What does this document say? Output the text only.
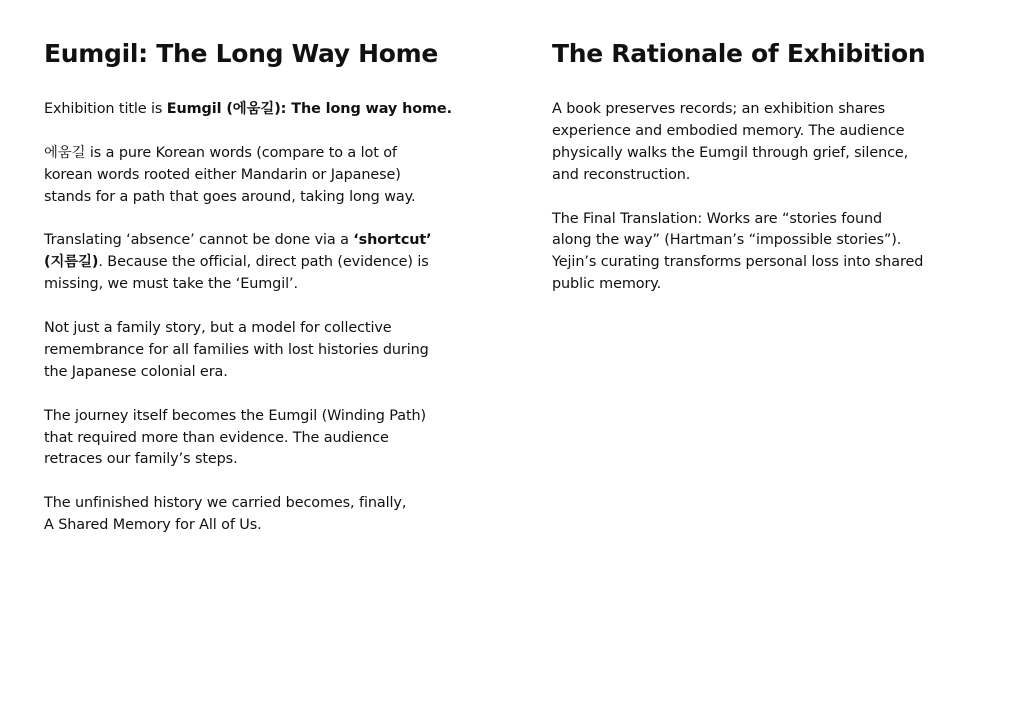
Eumgil: The Long Way Home

Exhibition title is Eumgil (에움길): The long way home.

에움길 is a pure Korean words (compare to a lot of
korean words rooted either Mandarin or Japanese)
stands for a path that goes around, taking long way.

Translating ‘absence’ cannot be done via a ‘shortcut’
(지름길). Because the official, direct path (evidence) is
missing, we must take the ‘Eumgil’.

Not just a family story, but a model for collective
remembrance for all families with lost histories during
the Japanese colonial era.

The journey itself becomes the Eumgil (Winding Path)
that required more than evidence. The audience
retraces our family’s steps.

The unfinished history we carried becomes, finally,
A Shared Memory for All of Us.

The Rationale of Exhibition

A book preserves records; an exhibition shares
experience and embodied memory. The audience
physically walks the Eumgil through grief, silence,
and reconstruction.

The Final Translation: Works are “stories found
along the way” (Hartman’s “impossible stories”).
Yejin’s curating transforms personal loss into shared
public memory.
